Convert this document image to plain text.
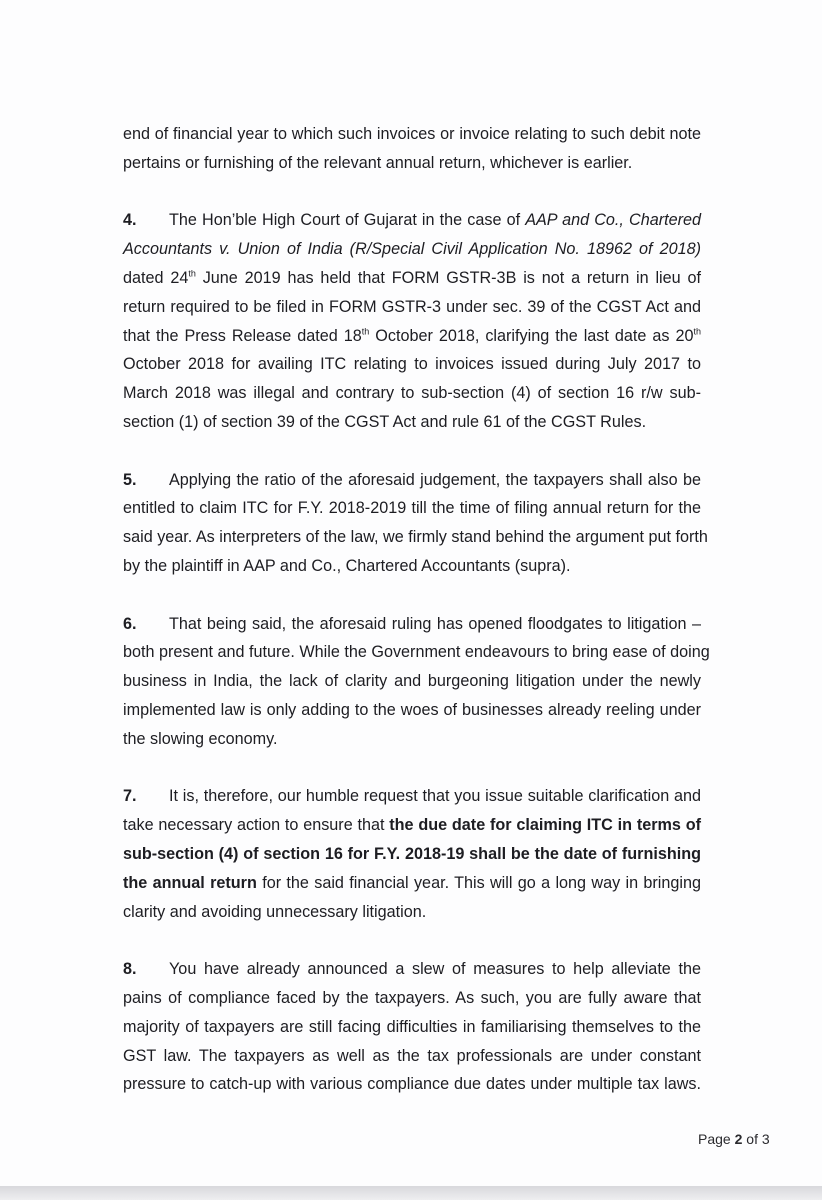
end of financial year to which such invoices or invoice relating to such debit note
pertains or furnishing of the relevant annual return, whichever is earlier.
4. The Hon’ble High Court of Gujarat in the case of AAP and Co., Chartered
Accountants v. Union of India (R/Special Civil Application No. 18962 of 2018)
dated 24th June 2019 has held that FORM GSTR-3B is not a return in lieu of
return required to be filed in FORM GSTR-3 under sec. 39 of the CGST Act and
that the Press Release dated 18th October 2018, clarifying the last date as 20th
October 2018 for availing ITC relating to invoices issued during July 2017 to
March 2018 was illegal and contrary to sub-section (4) of section 16 r/w sub-
section (1) of section 39 of the CGST Act and rule 61 of the CGST Rules.
5. Applying the ratio of the aforesaid judgement, the taxpayers shall also be
entitled to claim ITC for F.Y. 2018-2019 till the time of filing annual return for the
said year. As interpreters of the law, we firmly stand behind the argument put forth
by the plaintiff in AAP and Co., Chartered Accountants (supra).
6. That being said, the aforesaid ruling has opened floodgates to litigation –
both present and future. While the Government endeavours to bring ease of doing
business in India, the lack of clarity and burgeoning litigation under the newly
implemented law is only adding to the woes of businesses already reeling under
the slowing economy.
7. It is, therefore, our humble request that you issue suitable clarification and
take necessary action to ensure that the due date for claiming ITC in terms of
sub-section (4) of section 16 for F.Y. 2018-19 shall be the date of furnishing
the annual return for the said financial year. This will go a long way in bringing
clarity and avoiding unnecessary litigation.
8. You have already announced a slew of measures to help alleviate the
pains of compliance faced by the taxpayers. As such, you are fully aware that
majority of taxpayers are still facing difficulties in familiarising themselves to the
GST law. The taxpayers as well as the tax professionals are under constant
pressure to catch-up with various compliance due dates under multiple tax laws.
Page 2 of 3
